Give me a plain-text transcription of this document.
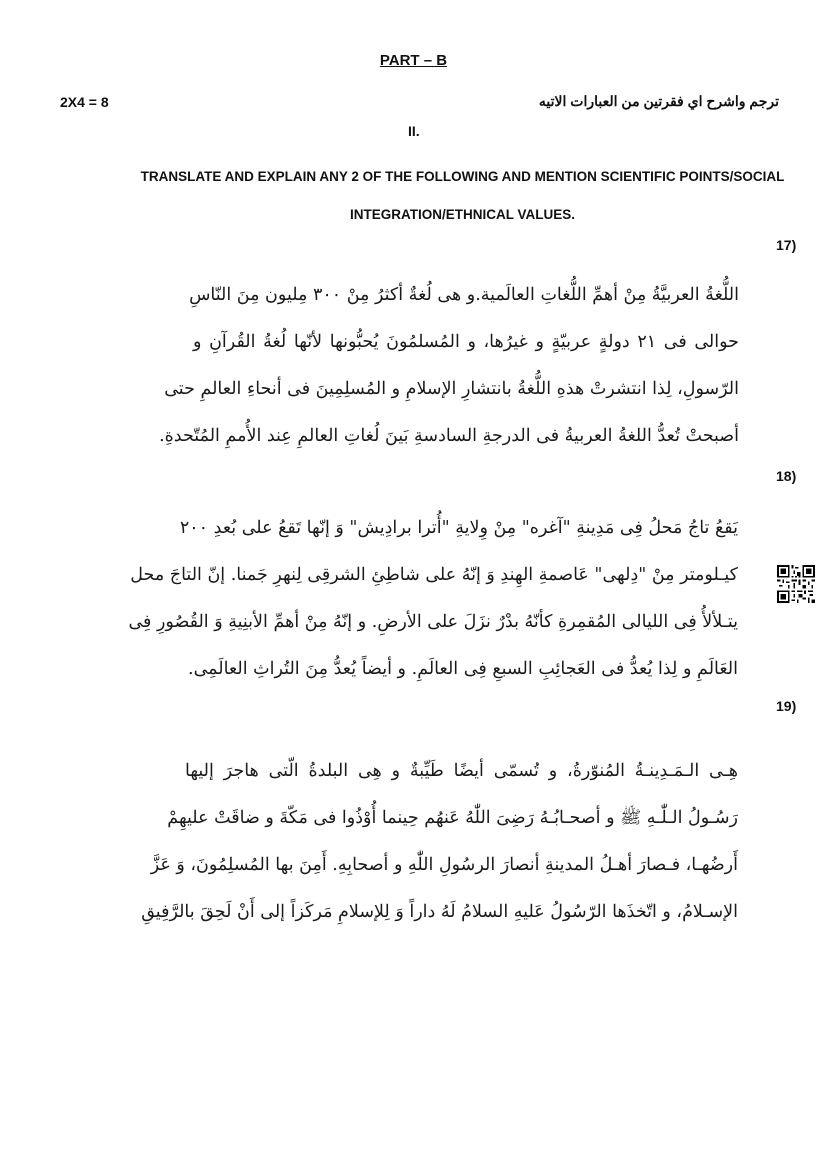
PART – B
2X4 = 8	ترجم واشرح اي فقرتين من العبارات الاتيه
II.
TRANSLATE AND EXPLAIN ANY 2 OF THE FOLLOWING AND MENTION SCIENTIFIC POINTS/SOCIAL
INTEGRATION/ETHNICAL VALUES.
17)

اللُّغةُ العربيَّةُ مِنْ أهمِّ اللُّغاتِ العالَمية.و هى لُغةٌ أكثرُ مِنْ ٣٠٠ مِليون مِنَ النّاسِ

حوالى فى ٢١ دولةٍ عربيّةٍ و غيرُها، و المُسلمُونَ يُحبُّونها لأنّها لُغةُ القُرآنِ و

الرّسولِ، لِذا انتشرتْ هذهِ اللُّغةُ بانتشارِ الإسلامِ و المُسلِمِينَ فى أنحاءِ العالمِ حتى

أصبحتْ تُعدُّ اللغةُ العربيةُ فى الدرجةِ السادسةِ بَينَ لُغاتِ العالمِ عِند الأُممِ المُتّحدةِ.

18)

يَقعُ تاجُ مَحلُ فِى مَدِينةِ "آغره" مِنْ وِلايةِ "أُترا برادِيش" وَ إنّها تَقعُ على بُعدِ ٢٠٠

كيـلومتر مِنْ "دِلهى" عَاصمةِ الهِندِ وَ إنّهُ على شاطِئِ الشرقِى لِنهرِ جَمنا. إنّ التاجَ محل

يتـلألأُ فِى الليالى المُقمِرةِ كأنّهُ بدْرٌ نزَلَ على الأرضِ. و إنّهُ مِنْ أهمِّ الأبنِيةِ وَ القُصُورِ فِى

العَالَمِ و لِذا يُعدُّ فى العَجائِبِ السبعِ فِى العالَمِ. و أيضاً يُعدُّ مِنَ التُراثِ العالَمِى.

19)

هِـى الـمَـدِينـةُ المُنوّرةُ، و تُسمّى أيضًا طَيِّبةٌ و هِى البلدةُ الّتى هاجرَ إليها

رَسُـولُ الـلّٰـهِ ﷺ و أصحـابُـهُ رَضِىَ اللّٰهُ عَنهُم حِينما أُوْذُوا فى مَكّةَ و ضاقَتْ عليهِمْ

أَرضُهـا، فـصارَ أهـلُ المدينةِ أنصارَ الرسُولِ اللّٰهِ و أصحابِهِ. أَمِنَ بها المُسلِمُونَ، وَ عَزَّ

الإسـلامُ، و اتّخذَها الرّسُولُ عَليهِ السلامُ لَهُ داراً وَ لِلإسلامِ مَركَزاً إلى أَنْ لَحِقَ بالرَّفِيقِ
